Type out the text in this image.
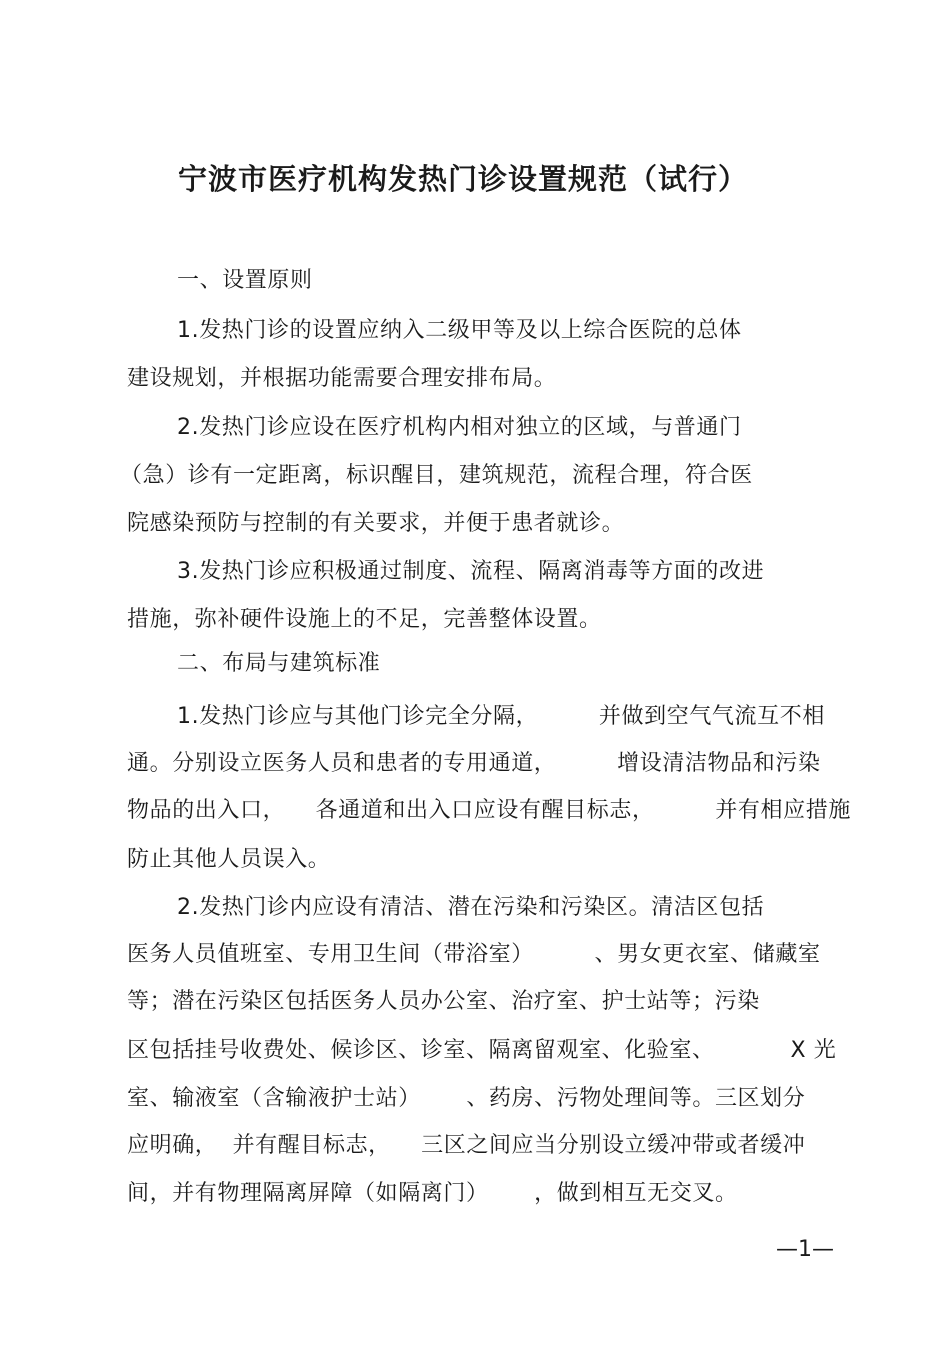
宁波市医疗机构发热门诊设置规范（试行）

一、设置原则

1.发热门诊的设置应纳入二级甲等及以上综合医院的总体

建设规划，并根据功能需要合理安排布局。

2.发热门诊应设在医疗机构内相对独立的区域，与普通门

（急）诊有一定距离，标识醒目，建筑规范，流程合理，符合医

院感染预防与控制的有关要求，并便于患者就诊。

3.发热门诊应积极通过制度、流程、隔离消毒等方面的改进

措施，弥补硬件设施上的不足，完善整体设置。

二、布局与建筑标准

1.发热门诊应与其他门诊完全分隔，        并做到空气气流互不相

通。分别设立医务人员和患者的专用通道，        增设清洁物品和污染

物品的出入口，    各通道和出入口应设有醒目标志，        并有相应措施

防止其他人员误入。

2.发热门诊内应设有清洁、潜在污染和污染区。清洁区包括

医务人员值班室、专用卫生间（带浴室）        、男女更衣室、储藏室

等；潜在污染区包括医务人员办公室、治疗室、护士站等；污染

区包括挂号收费处、候诊区、诊室、隔离留观室、化验室、          X 光

室、输液室（含输液护士站）      、药房、污物处理间等。三区划分

应明确，  并有醒目标志，    三区之间应当分别设立缓冲带或者缓冲

间，并有物理隔离屏障（如隔离门）      ，做到相互无交叉。

—1—
